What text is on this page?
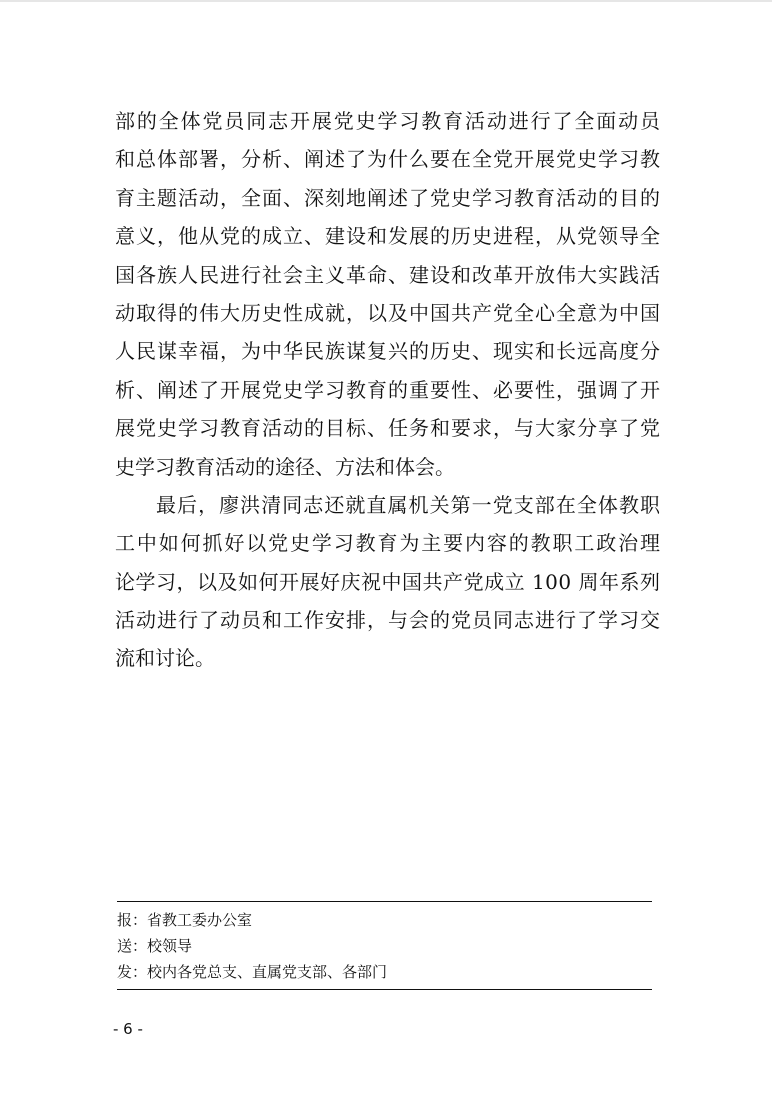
部的全体党员同志开展党史学习教育活动进行了全面动员
和总体部署，分析、阐述了为什么要在全党开展党史学习教
育主题活动，全面、深刻地阐述了党史学习教育活动的目的
意义，他从党的成立、建设和发展的历史进程，从党领导全
国各族人民进行社会主义革命、建设和改革开放伟大实践活
动取得的伟大历史性成就，以及中国共产党全心全意为中国
人民谋幸福，为中华民族谋复兴的历史、现实和长远高度分
析、阐述了开展党史学习教育的重要性、必要性，强调了开
展党史学习教育活动的目标、任务和要求，与大家分享了党
史学习教育活动的途径、方法和体会。
最后，廖洪清同志还就直属机关第一党支部在全体教职
工中如何抓好以党史学习教育为主要内容的教职工政治理
论学习，以及如何开展好庆祝中国共产党成立 100 周年系列
活动进行了动员和工作安排，与会的党员同志进行了学习交
流和讨论。
报：省教工委办公室
送：校领导
发：校内各党总支、直属党支部、各部门
- 6 -
